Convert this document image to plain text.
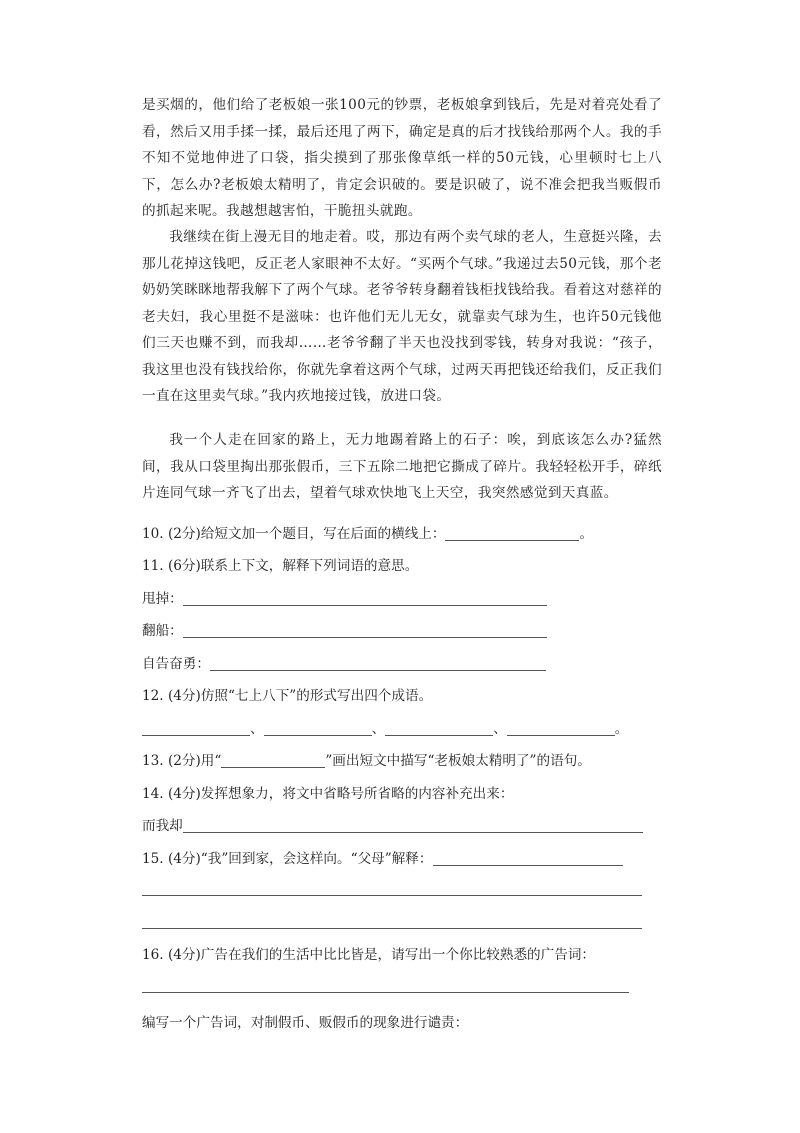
是买烟的，他们给了老板娘一张100元的钞票，老板娘拿到钱后，先是对着亮处看了看，然后又用手揉一揉，最后还甩了两下，确定是真的后才找钱给那两个人。我的手不知不觉地伸进了口袋，指尖摸到了那张像草纸一样的50元钱，心里顿时七上八下，怎么办?老板娘太精明了，肯定会识破的。要是识破了，说不准会把我当贩假币的抓起来呢。我越想越害怕，干脆扭头就跑。

我继续在街上漫无目的地走着。哎，那边有两个卖气球的老人，生意挺兴隆，去那儿花掉这钱吧，反正老人家眼神不太好。“买两个气球。”我递过去50元钱，那个老奶奶笑眯眯地帮我解下了两个气球。老爷爷转身翻着钱柜找钱给我。看着这对慈祥的老夫妇，我心里挺不是滋味：也许他们无儿无女，就靠卖气球为生，也许50元钱他们三天也赚不到，而我却……老爷爷翻了半天也没找到零钱，转身对我说：“孩子，我这里也没有钱找给你，你就先拿着这两个气球，过两天再把钱还给我们，反正我们一直在这里卖气球。”我内疚地接过钱，放进口袋。

我一个人走在回家的路上，无力地踢着路上的石子：唉，到底该怎么办?猛然间，我从口袋里掏出那张假币，三下五除二地把它撕成了碎片。我轻轻松开手，碎纸片连同气球一齐飞了出去，望着气球欢快地飞上天空，我突然感觉到天真蓝。

10. (2分)给短文加一个题目，写在后面的横线上：	。
11. (6分)联系上下文，解释下列词语的意思。
甩掉：
翻船：
自告奋勇：
12. (4分)仿照“七上八下”的形式写出四个成语。
、	、	、	。
13. (2分)用“	”画出短文中描写“老板娘太精明了”的语句。
14. (4分)发挥想象力，将文中省略号所省略的内容补充出来：
而我却
15. (4分)“我”回到家，会这样向。“父母”解释：
16. (4分)广告在我们的生活中比比皆是，请写出一个你比较熟悉的广告词：
编写一个广告词，对制假币、贩假币的现象进行谴责：
